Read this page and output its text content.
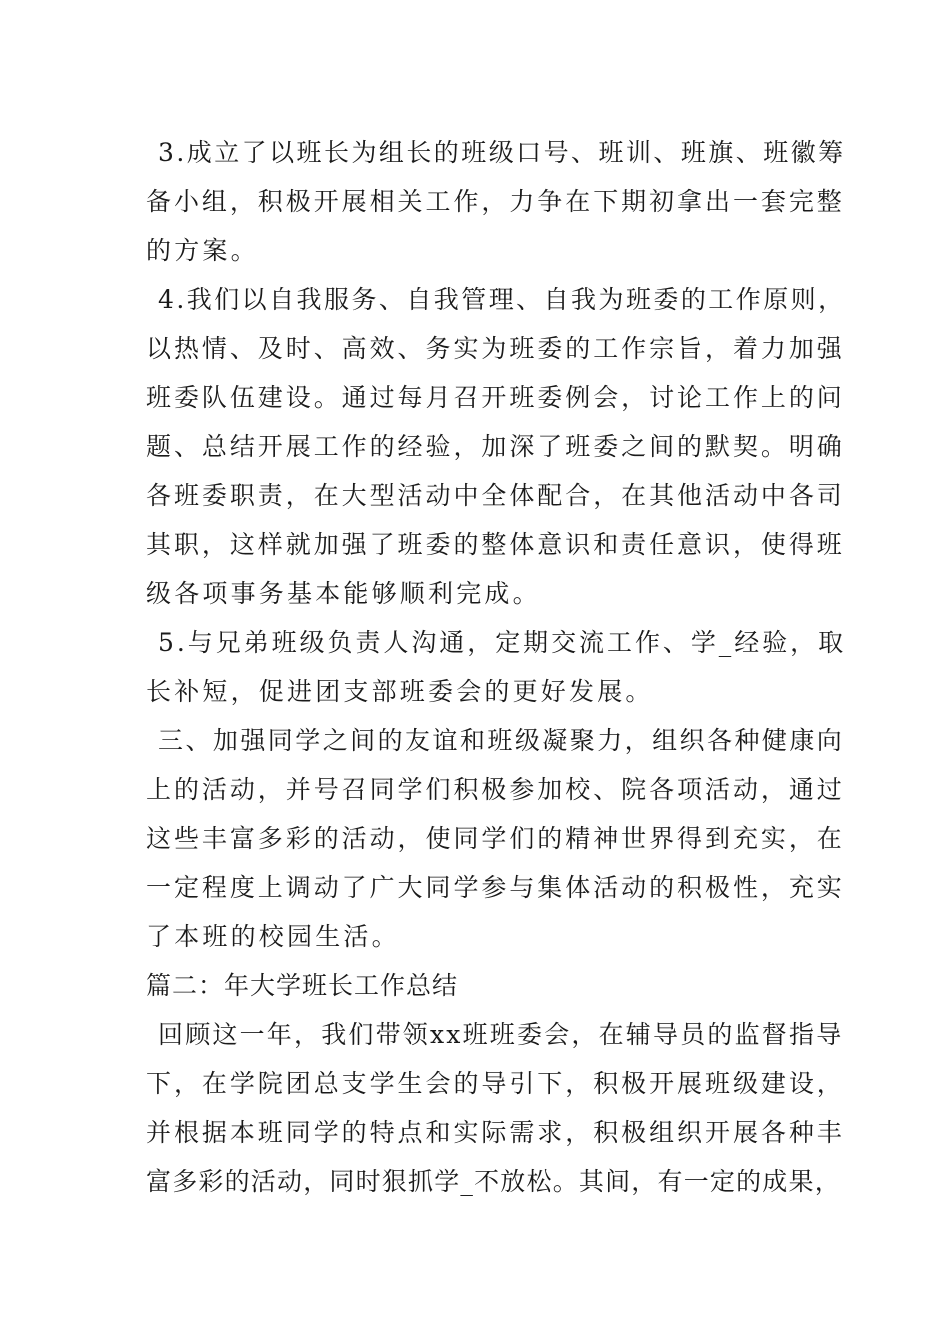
3.成立了以班长为组长的班级口号、班训、班旗、班徽筹
备小组，积极开展相关工作，力争在下期初拿出一套完整
的方案。
4.我们以自我服务、自我管理、自我为班委的工作原则，
以热情、及时、高效、务实为班委的工作宗旨，着力加强
班委队伍建设。通过每月召开班委例会，讨论工作上的问
题、总结开展工作的经验，加深了班委之间的默契。明确
各班委职责，在大型活动中全体配合，在其他活动中各司
其职，这样就加强了班委的整体意识和责任意识，使得班
级各项事务基本能够顺利完成。
5.与兄弟班级负责人沟通，定期交流工作、学_经验，取
长补短，促进团支部班委会的更好发展。
三、加强同学之间的友谊和班级凝聚力，组织各种健康向
上的活动，并号召同学们积极参加校、院各项活动，通过
这些丰富多彩的活动，使同学们的精神世界得到充实，在
一定程度上调动了广大同学参与集体活动的积极性，充实
了本班的校园生活。
篇二：年大学班长工作总结
回顾这一年，我们带领xx班班委会，在辅导员的监督指导
下，在学院团总支学生会的导引下，积极开展班级建设，
并根据本班同学的特点和实际需求，积极组织开展各种丰
富多彩的活动，同时狠抓学_不放松。其间，有一定的成果，
